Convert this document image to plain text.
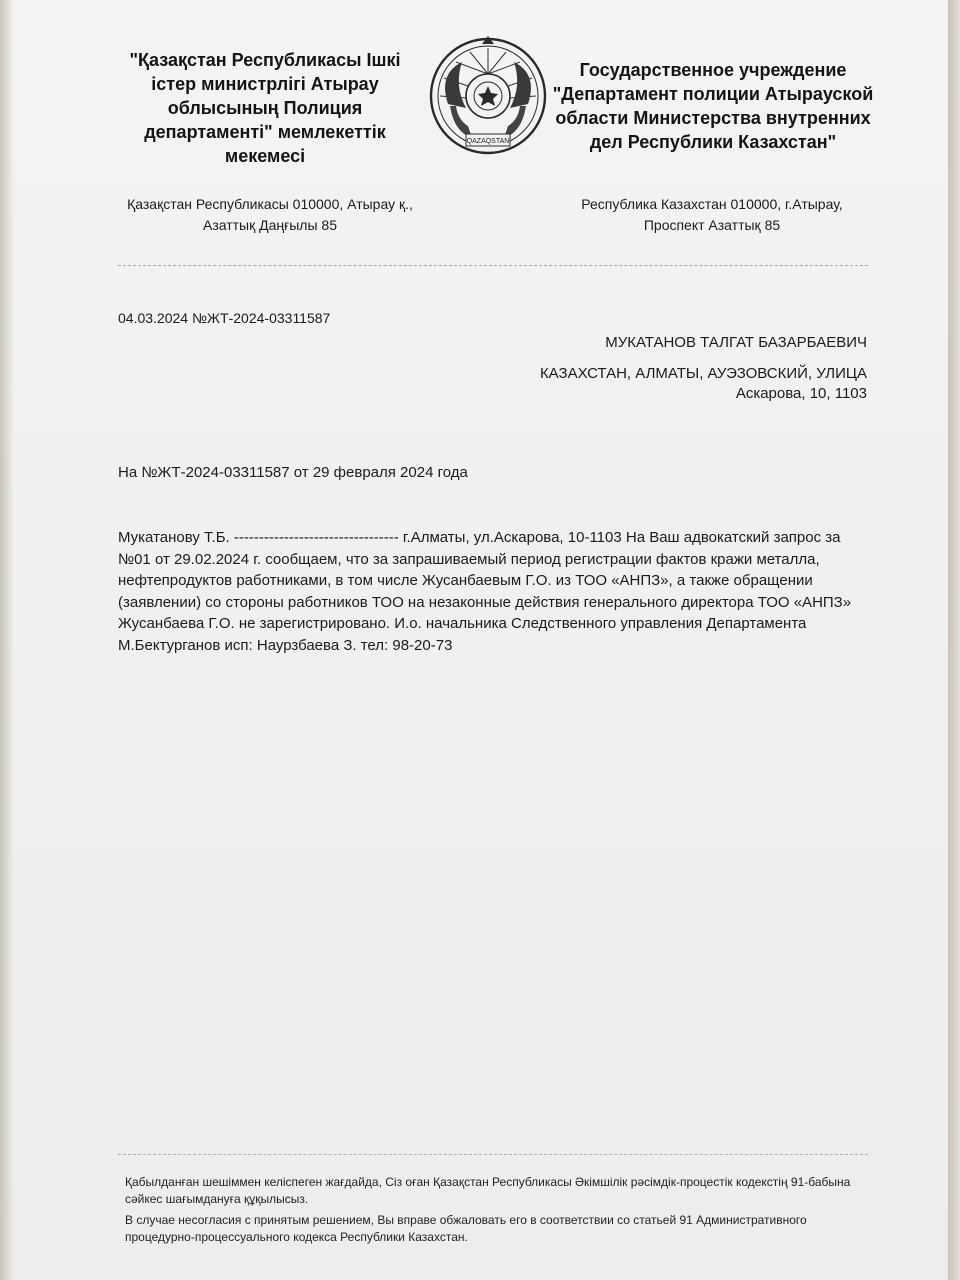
"Қазақстан Республикасы Ішкі істер министрлігі Атырау облысының Полиция департаменті" мемлекеттік мекемесі
QAZAQSTAN
Государственное учреждение "Департамент полиции Атырауской области Министерства внутренних дел Республики Казахстан"
Қазақстан Республикасы 010000, Атырау қ., Азаттық Даңғылы 85
Республика Казахстан 010000, г.Атырау, Проспект Азаттық 85
04.03.2024 №ЖТ-2024-03311587
МУКАТАНОВ ТАЛГАТ БАЗАРБАЕВИЧ
КАЗАХСТАН, АЛМАТЫ, АУЭЗОВСКИЙ, УЛИЦА Аскарова, 10, 1103
На №ЖТ-2024-03311587 от 29 февраля 2024 года
Мукатанову Т.Б. --------------------------------- г.Алматы, ул.Аскарова, 10-1103 На Ваш адвокатский запрос за №01 от 29.02.2024 г. сообщаем, что за запрашиваемый период регистрации фактов кражи металла, нефтепродуктов работниками, в том числе Жусанбаевым Г.О. из ТОО «АНПЗ», а также обращении (заявлении) со стороны работников ТОО на незаконные действия генерального директора ТОО «АНПЗ» Жусанбаева Г.О. не зарегистрировано. И.о. начальника Следственного управления Департамента М.Бектурганов исп: Наурзбаева З. тел: 98-20-73

Қабылданған шешіммен келіспеген жағдайда, Сіз оған Қазақстан Республикасы Әкімшілік рәсімдік-процестік кодекстің 91-бабына сәйкес шағымдануға құқылысыз.

В случае несогласия с принятым решением, Вы вправе обжаловать его в соответствии со статьей 91 Административного процедурно-процессуального кодекса Республики Казахстан.
